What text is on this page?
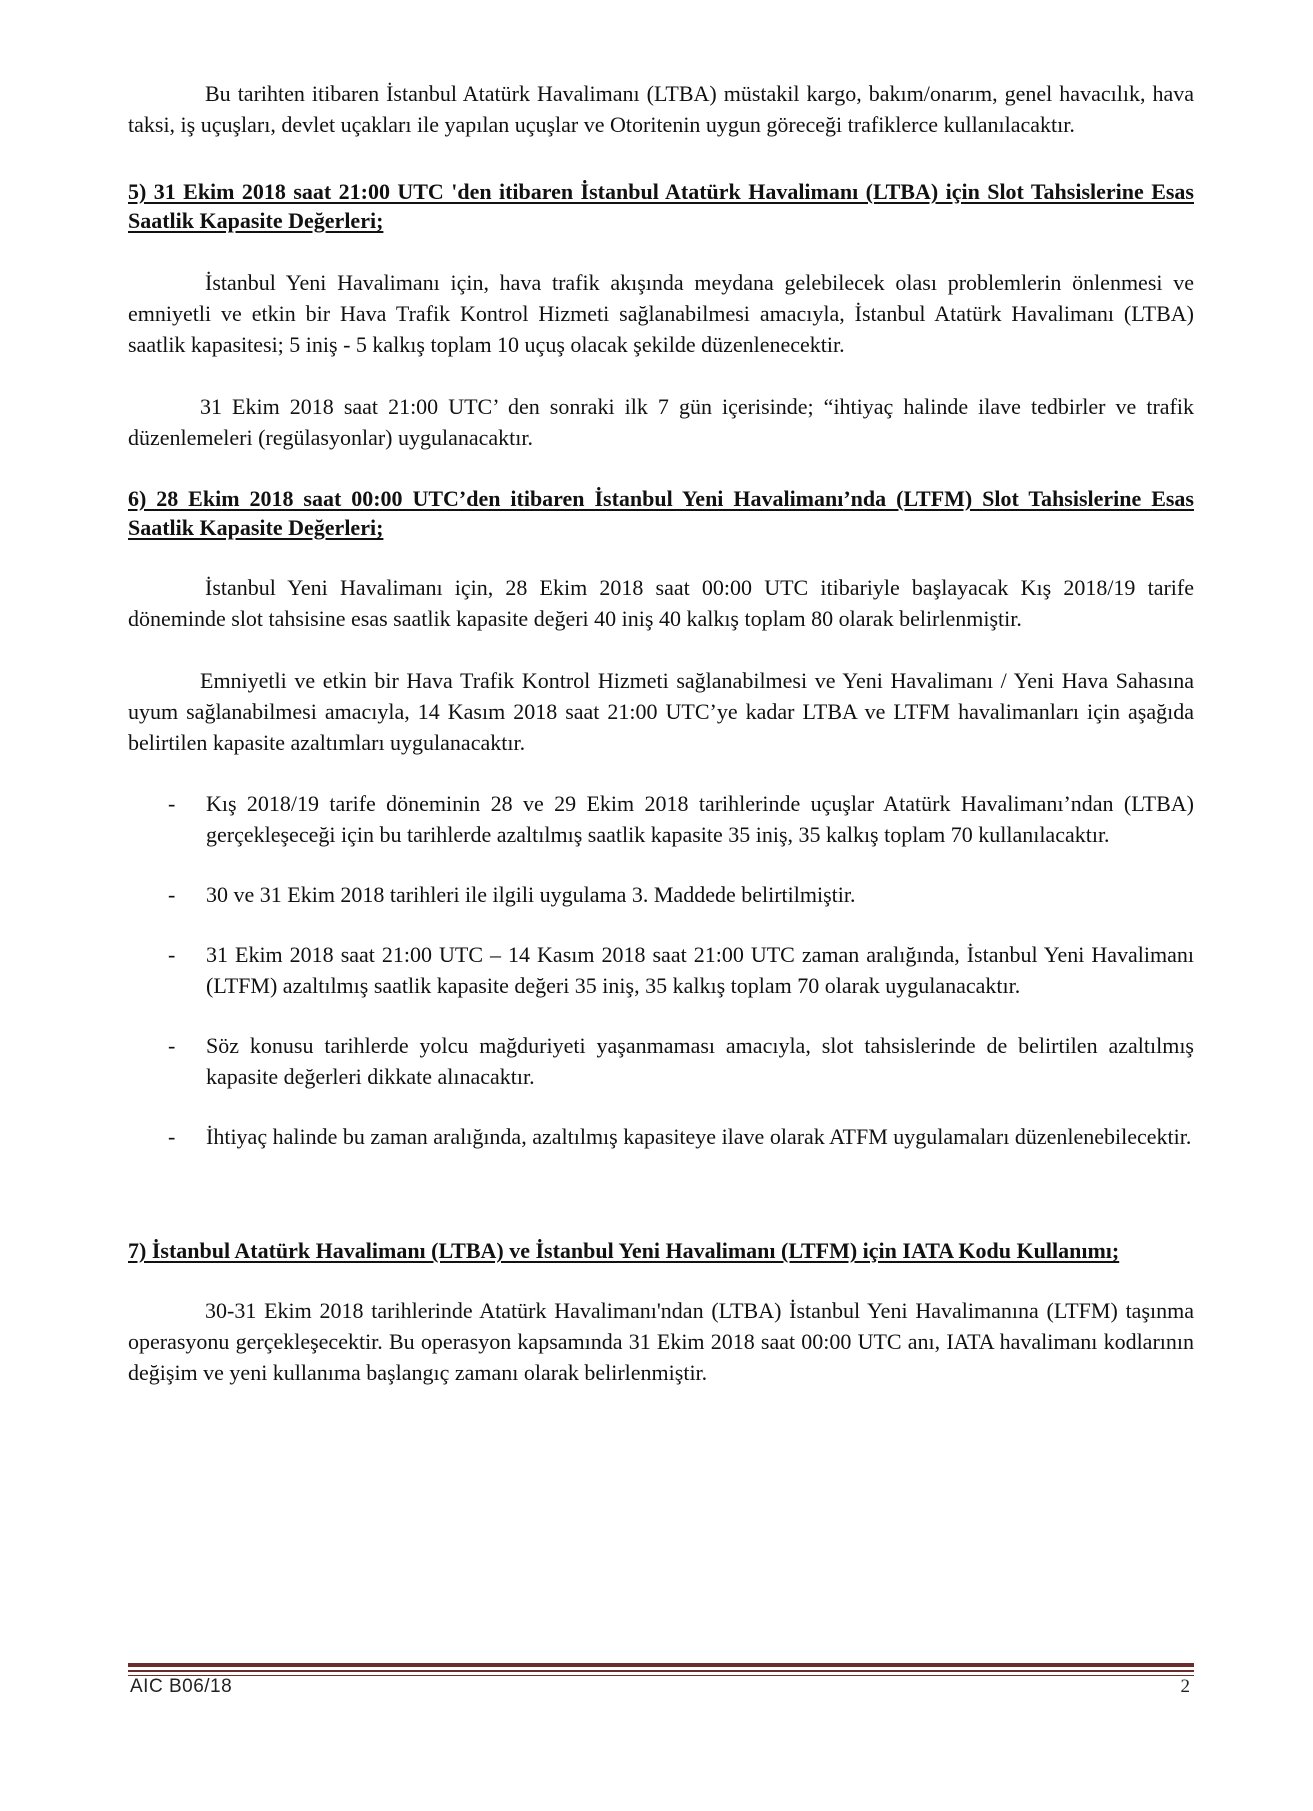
Bu tarihten itibaren İstanbul Atatürk Havalimanı (LTBA) müstakil kargo, bakım/onarım, genel havacılık, hava taksi, iş uçuşları, devlet uçakları ile yapılan uçuşlar ve Otoritenin uygun göreceği trafiklerce kullanılacaktır.

5) 31 Ekim 2018 saat 21:00 UTC 'den itibaren İstanbul Atatürk Havalimanı (LTBA) için Slot Tahsislerine Esas Saatlik Kapasite Değerleri;

İstanbul Yeni Havalimanı için, hava trafik akışında meydana gelebilecek olası problemlerin önlenmesi ve emniyetli ve etkin bir Hava Trafik Kontrol Hizmeti sağlanabilmesi amacıyla, İstanbul Atatürk Havalimanı (LTBA) saatlik kapasitesi; 5 iniş - 5 kalkış toplam 10 uçuş olacak şekilde düzenlenecektir.

31 Ekim 2018 saat 21:00 UTC’ den sonraki ilk 7 gün içerisinde; “ihtiyaç halinde ilave tedbirler ve trafik düzenlemeleri (regülasyonlar) uygulanacaktır.

6) 28 Ekim 2018 saat 00:00 UTC’den itibaren İstanbul Yeni Havalimanı’nda (LTFM) Slot Tahsislerine Esas Saatlik Kapasite Değerleri;

İstanbul Yeni Havalimanı için, 28 Ekim 2018 saat 00:00 UTC itibariyle başlayacak Kış 2018/19 tarife döneminde slot tahsisine esas saatlik kapasite değeri 40 iniş 40 kalkış toplam 80 olarak belirlenmiştir.

Emniyetli ve etkin bir Hava Trafik Kontrol Hizmeti sağlanabilmesi ve Yeni Havalimanı / Yeni Hava Sahasına uyum sağlanabilmesi amacıyla, 14 Kasım 2018 saat 21:00 UTC’ye kadar LTBA ve LTFM havalimanları için aşağıda belirtilen kapasite azaltımları uygulanacaktır.

- Kış 2018/19 tarife döneminin 28 ve 29 Ekim 2018 tarihlerinde uçuşlar Atatürk Havalimanı’ndan (LTBA) gerçekleşeceği için bu tarihlerde azaltılmış saatlik kapasite 35 iniş, 35 kalkış toplam 70 kullanılacaktır.
- 30 ve 31 Ekim 2018 tarihleri ile ilgili uygulama 3. Maddede belirtilmiştir.
- 31 Ekim 2018 saat 21:00 UTC – 14 Kasım 2018 saat 21:00 UTC zaman aralığında, İstanbul Yeni Havalimanı (LTFM) azaltılmış saatlik kapasite değeri 35 iniş, 35 kalkış toplam 70 olarak uygulanacaktır.
- Söz konusu tarihlerde yolcu mağduriyeti yaşanmaması amacıyla, slot tahsislerinde de belirtilen azaltılmış kapasite değerleri dikkate alınacaktır.
- İhtiyaç halinde bu zaman aralığında, azaltılmış kapasiteye ilave olarak ATFM uygulamaları düzenlenebilecektir.
7) İstanbul Atatürk Havalimanı (LTBA) ve İstanbul Yeni Havalimanı (LTFM) için IATA Kodu Kullanımı;

30-31 Ekim 2018 tarihlerinde Atatürk Havalimanı'ndan (LTBA) İstanbul Yeni Havalimanına (LTFM) taşınma operasyonu gerçekleşecektir. Bu operasyon kapsamında 31 Ekim 2018 saat 00:00 UTC anı, IATA havalimanı kodlarının değişim ve yeni kullanıma başlangıç zamanı olarak belirlenmiştir.

AIC B06/18	2
